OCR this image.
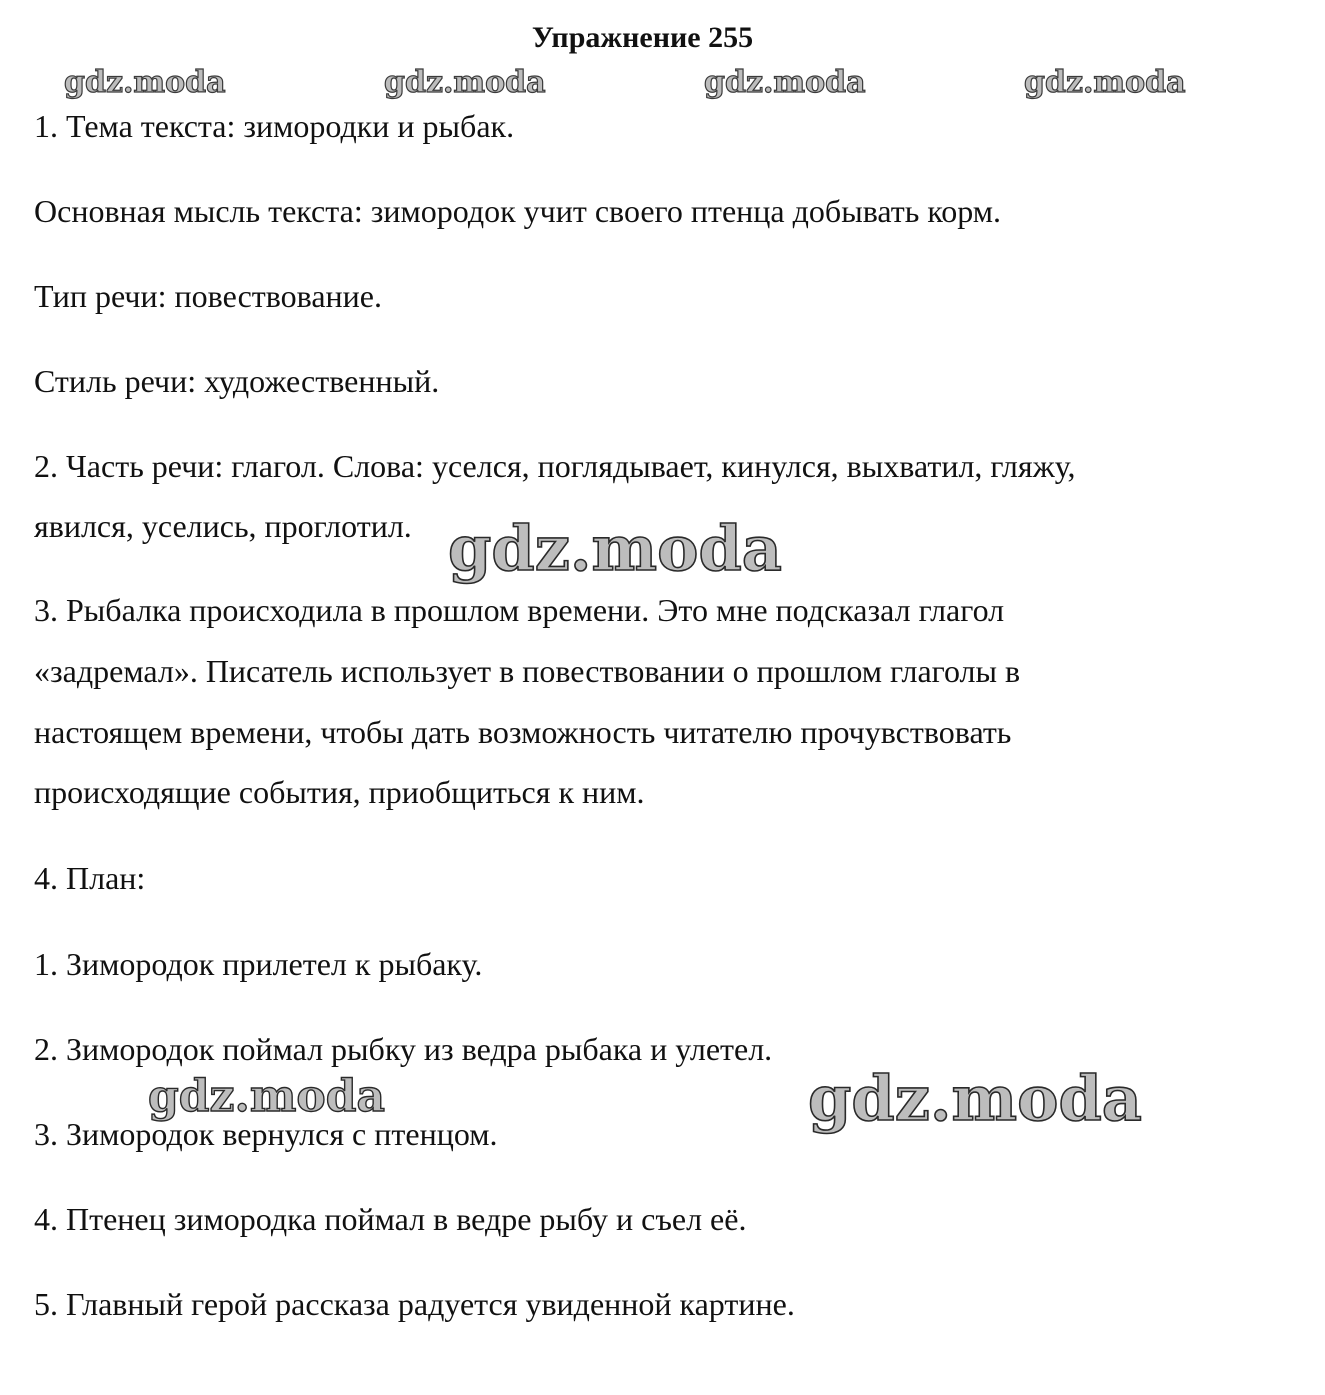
Упражнение 255
gdz.moda	gdz.moda	gdz.moda	gdz.moda
1. Тема текста: зимородки и рыбак.
Основная мысль текста: зимородок учит своего птенца добывать корм.
Тип речи: повествование.
Стиль речи: художественный.
2. Часть речи: глагол. Слова: уселся, поглядывает, кинулся, выхватил, гляжу,
явился, уселись, проглотил.
3. Рыбалка происходила в прошлом времени. Это мне подсказал глагол
«задремал». Писатель использует в повествовании о прошлом глаголы в
настоящем времени, чтобы дать возможность читателю прочувствовать
происходящие события, приобщиться к ним.
4. План:
1. Зимородок прилетел к рыбаку.
2. Зимородок поймал рыбку из ведра рыбака и улетел.
3. Зимородок вернулся с птенцом.
4. Птенец зимородка поймал в ведре рыбу и съел её.
5. Главный герой рассказа радуется увиденной картине.
gdz.moda
gdz.moda	gdz.moda
